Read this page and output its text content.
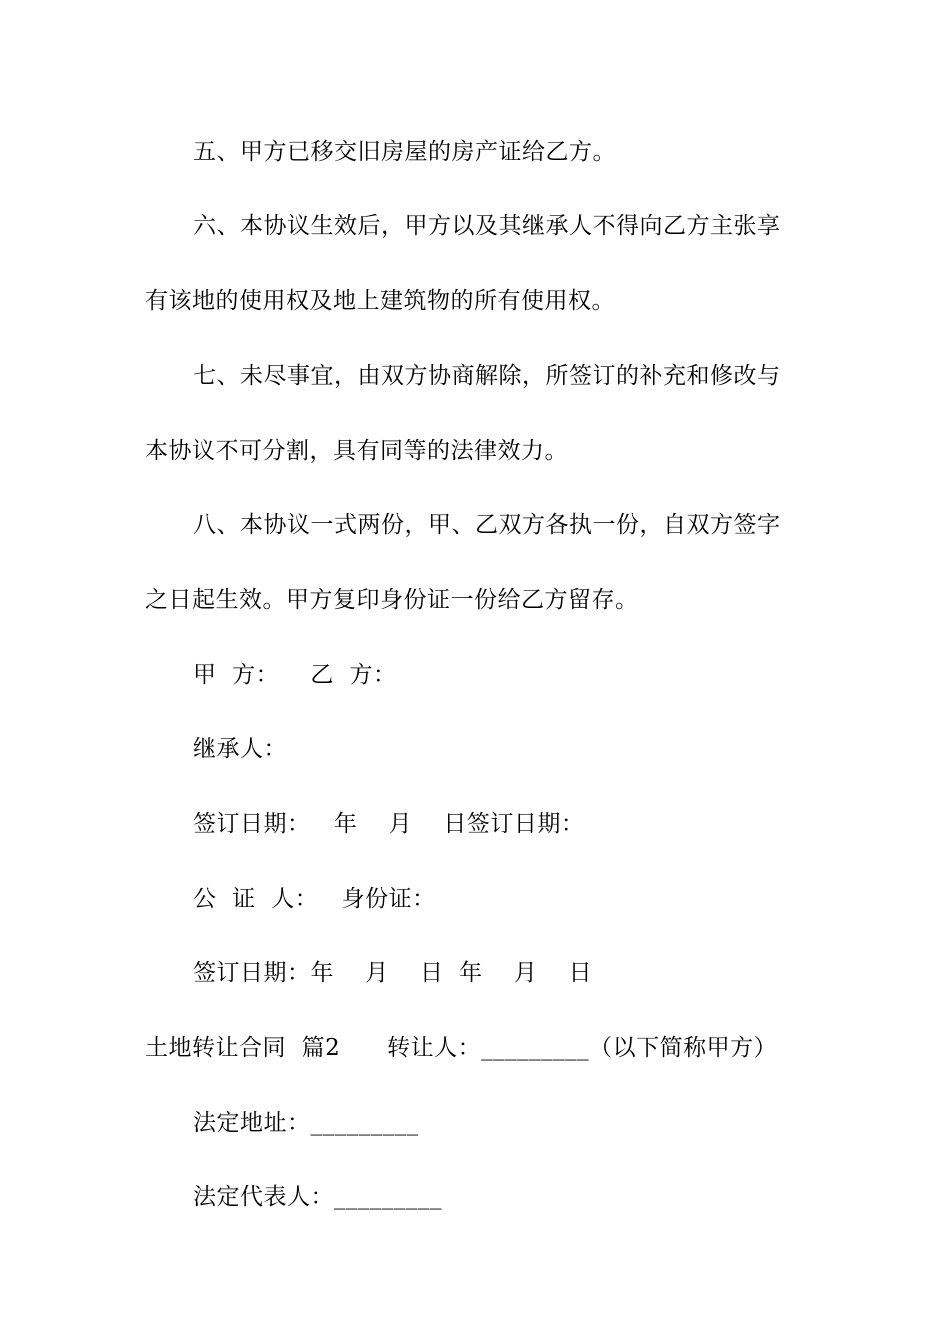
五、甲方已移交旧房屋的房产证给乙方。
六、本协议生效后，甲方以及其继承人不得向乙方主张享
有该地的使用权及地上建筑物的所有使用权。
七、未尽事宜，由双方协商解除，所签订的补充和修改与
本协议不可分割，具有同等的法律效力。
八、本协议一式两份，甲、乙双方各执一份，自双方签字
之日起生效。甲方复印身份证一份给乙方留存。
甲  方：    乙  方：
继承人：
签订日期：   年    月    日签订日期：
公  证  人：   身份证：
签订日期：年    月    日  年    月    日
土地转让合同  篇2      转让人：_________（以下简称甲方）
法定地址：_________
法定代表人：_________
